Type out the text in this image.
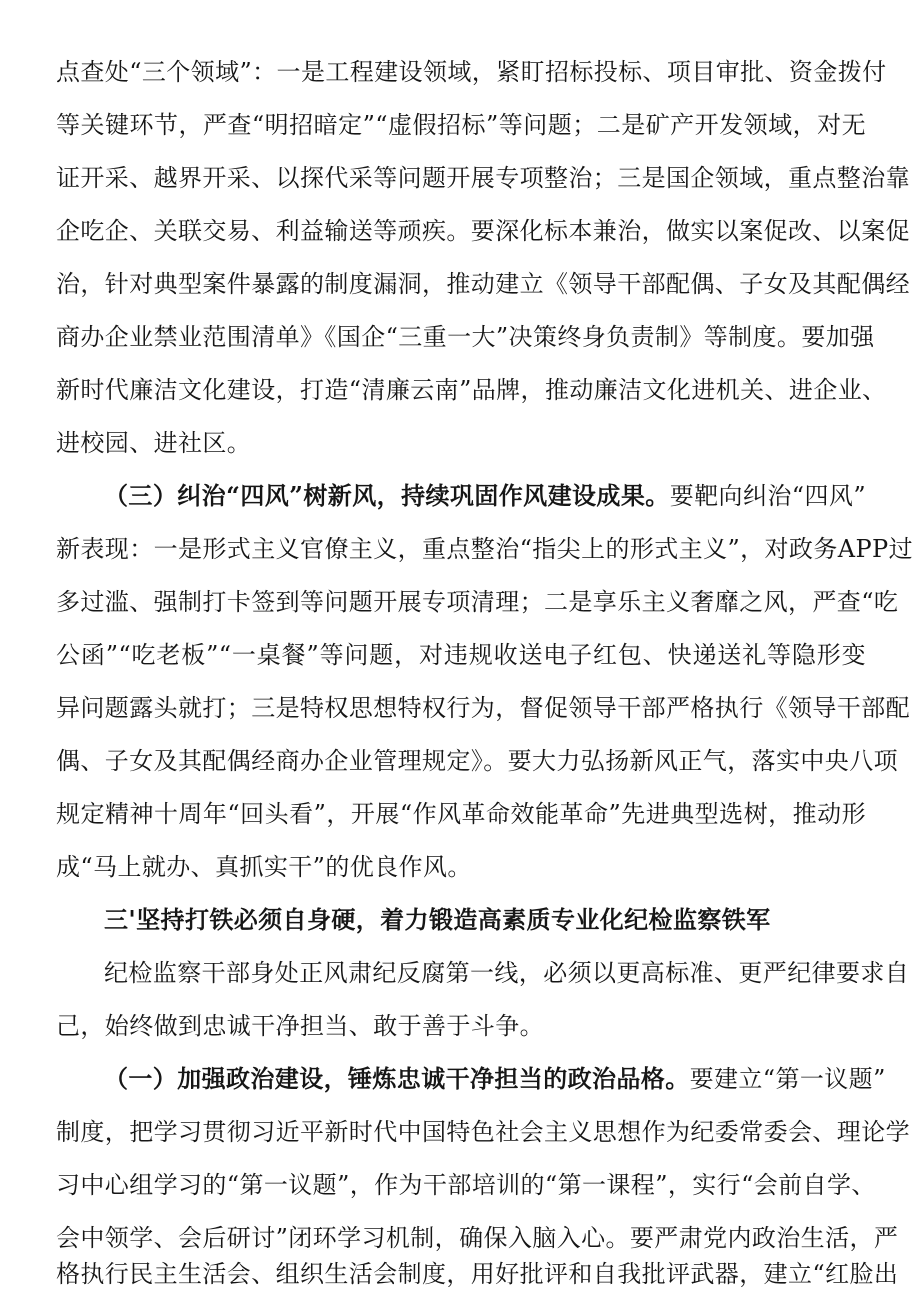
点查处“三个领域”：一是工程建设领域，紧盯招标投标、项目审批、资金拨付
等关键环节，严查“明招暗定”“虚假招标”等问题；二是矿产开发领域，对无
证开采、越界开采、以探代采等问题开展专项整治；三是国企领域，重点整治靠
企吃企、关联交易、利益输送等顽疾。要深化标本兼治，做实以案促改、以案促
治，针对典型案件暴露的制度漏洞，推动建立《领导干部配偶、子女及其配偶经
商办企业禁业范围清单》《国企“三重一大”决策终身负责制》等制度。要加强
新时代廉洁文化建设，打造“清廉云南”品牌，推动廉洁文化进机关、进企业、
进校园、进社区。
（三）纠治“四风”树新风，持续巩固作风建设成果。要靶向纠治“四风”
新表现：一是形式主义官僚主义，重点整治“指尖上的形式主义”，对政务APP过
多过滥、强制打卡签到等问题开展专项清理；二是享乐主义奢靡之风，严查“吃
公函”“吃老板”“一桌餐”等问题，对违规收送电子红包、快递送礼等隐形变
异问题露头就打；三是特权思想特权行为，督促领导干部严格执行《领导干部配
偶、子女及其配偶经商办企业管理规定》。要大力弘扬新风正气，落实中央八项
规定精神十周年“回头看”，开展“作风革命效能革命”先进典型选树，推动形
成“马上就办、真抓实干”的优良作风。
三'坚持打铁必须自身硬，着力锻造高素质专业化纪检监察铁军
纪检监察干部身处正风肃纪反腐第一线，必须以更高标准、更严纪律要求自
己，始终做到忠诚干净担当、敢于善于斗争。
（一）加强政治建设，锤炼忠诚干净担当的政治品格。要建立“第一议题”
制度，把学习贯彻习近平新时代中国特色社会主义思想作为纪委常委会、理论学
习中心组学习的“第一议题”，作为干部培训的“第一课程”，实行“会前自学、
会中领学、会后研讨”闭环学习机制，确保入脑入心。要严肃党内政治生活，严
格执行民主生活会、组织生活会制度，用好批评和自我批评武器，建立“红脸出
